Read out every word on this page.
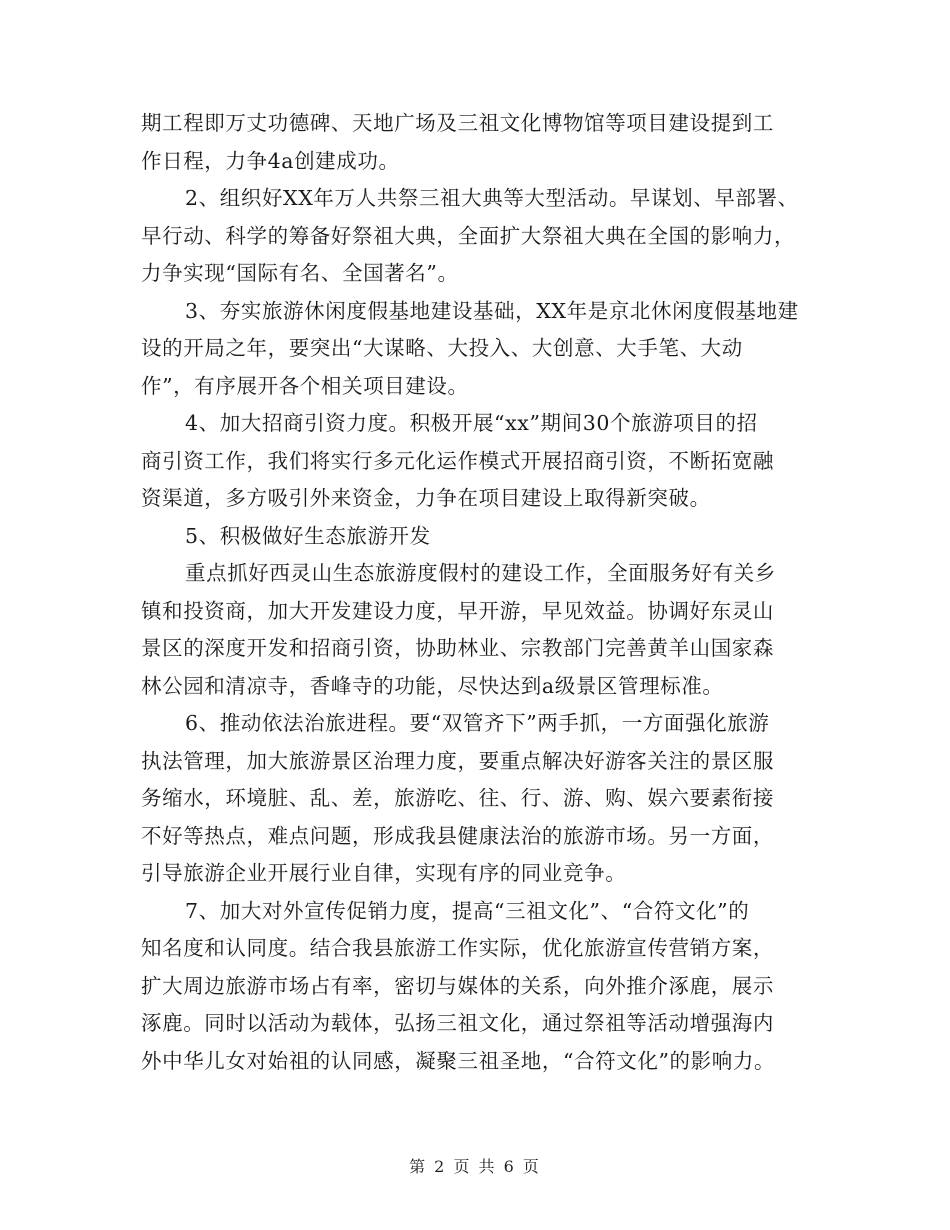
期工程即万丈功德碑、天地广场及三祖文化博物馆等项目建设提到工
作日程，力争4a创建成功。
2、组织好XX年万人共祭三祖大典等大型活动。早谋划、早部署、
早行动、科学的筹备好祭祖大典，全面扩大祭祖大典在全国的影响力，
力争实现“国际有名、全国著名”。
3、夯实旅游休闲度假基地建设基础，XX年是京北休闲度假基地建
设的开局之年，要突出“大谋略、大投入、大创意、大手笔、大动
作”，有序展开各个相关项目建设。
4、加大招商引资力度。积极开展“xx”期间30个旅游项目的招
商引资工作，我们将实行多元化运作模式开展招商引资，不断拓宽融
资渠道，多方吸引外来资金，力争在项目建设上取得新突破。
5、积极做好生态旅游开发
重点抓好西灵山生态旅游度假村的建设工作，全面服务好有关乡
镇和投资商，加大开发建设力度，早开游，早见效益。协调好东灵山
景区的深度开发和招商引资，协助林业、宗教部门完善黄羊山国家森
林公园和清凉寺，香峰寺的功能，尽快达到a级景区管理标准。
6、推动依法治旅进程。要“双管齐下”两手抓，一方面强化旅游
执法管理，加大旅游景区治理力度，要重点解决好游客关注的景区服
务缩水，环境脏、乱、差，旅游吃、往、行、游、购、娱六要素衔接
不好等热点，难点问题，形成我县健康法治的旅游市场。另一方面，
引导旅游企业开展行业自律，实现有序的同业竞争。
7、加大对外宣传促销力度，提高“三祖文化”、“合符文化”的
知名度和认同度。结合我县旅游工作实际，优化旅游宣传营销方案，
扩大周边旅游市场占有率，密切与媒体的关系，向外推介涿鹿，展示
涿鹿。同时以活动为载体，弘扬三祖文化，通过祭祖等活动增强海内
外中华儿女对始祖的认同感，凝聚三祖圣地，“合符文化”的影响力。
第 2 页 共 6 页
